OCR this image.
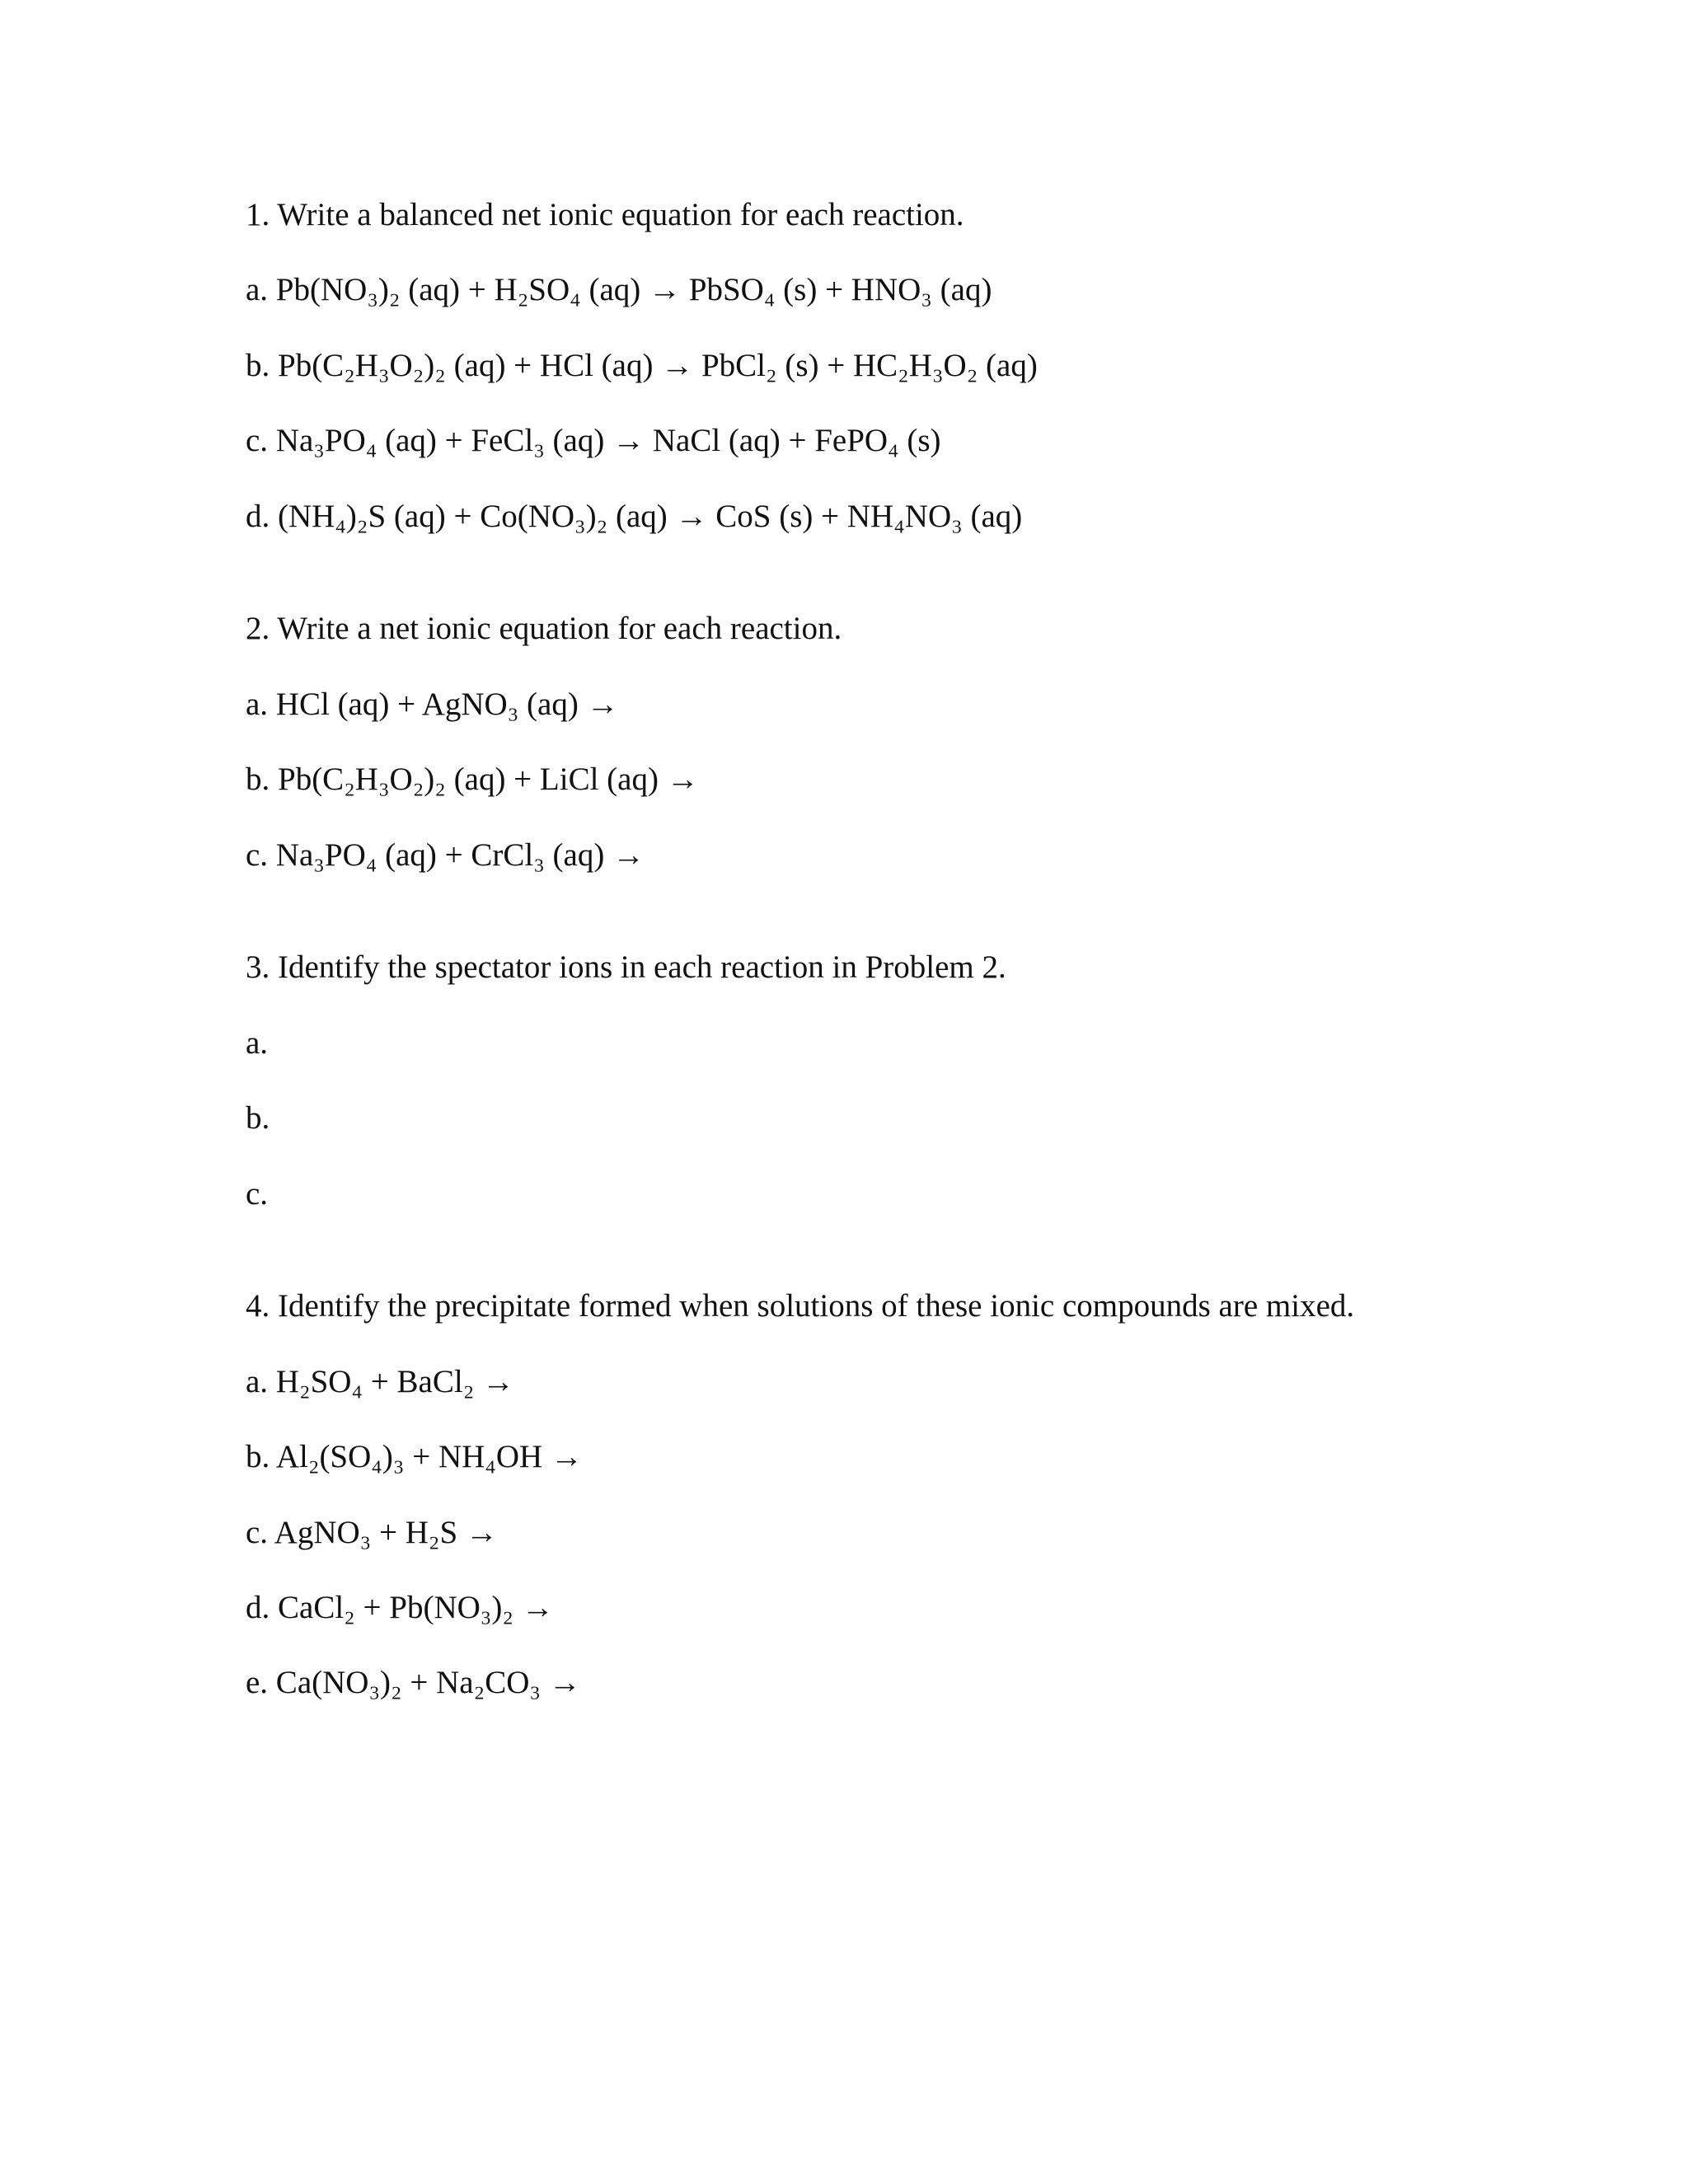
1. Write a balanced net ionic equation for each reaction.

a. Pb(NO₃)₂ (aq) + H₂SO₄ (aq) → PbSO₄ (s) + HNO₃ (aq)

b. Pb(C₂H₃O₂)₂ (aq) + HCl (aq) → PbCl₂ (s) + HC₂H₃O₂ (aq)

c. Na₃PO₄ (aq) + FeCl₃ (aq) → NaCl (aq) + FePO₄ (s)

d. (NH₄)₂S (aq) + Co(NO₃)₂ (aq) → CoS (s) + NH₄NO₃ (aq)

2. Write a net ionic equation for each reaction.

a. HCl (aq) + AgNO₃ (aq) →

b. Pb(C₂H₃O₂)₂ (aq) + LiCl (aq) →

c. Na₃PO₄ (aq) + CrCl₃ (aq) →

3. Identify the spectator ions in each reaction in Problem 2.

a.

b.

c.

4. Identify the precipitate formed when solutions of these ionic compounds are mixed.

a. H₂SO₄ + BaCl₂ →

b. Al₂(SO₄)₃ + NH₄OH →

c. AgNO₃ + H₂S →

d. CaCl₂ + Pb(NO₃)₂ →

e. Ca(NO₃)₂ + Na₂CO₃ →
